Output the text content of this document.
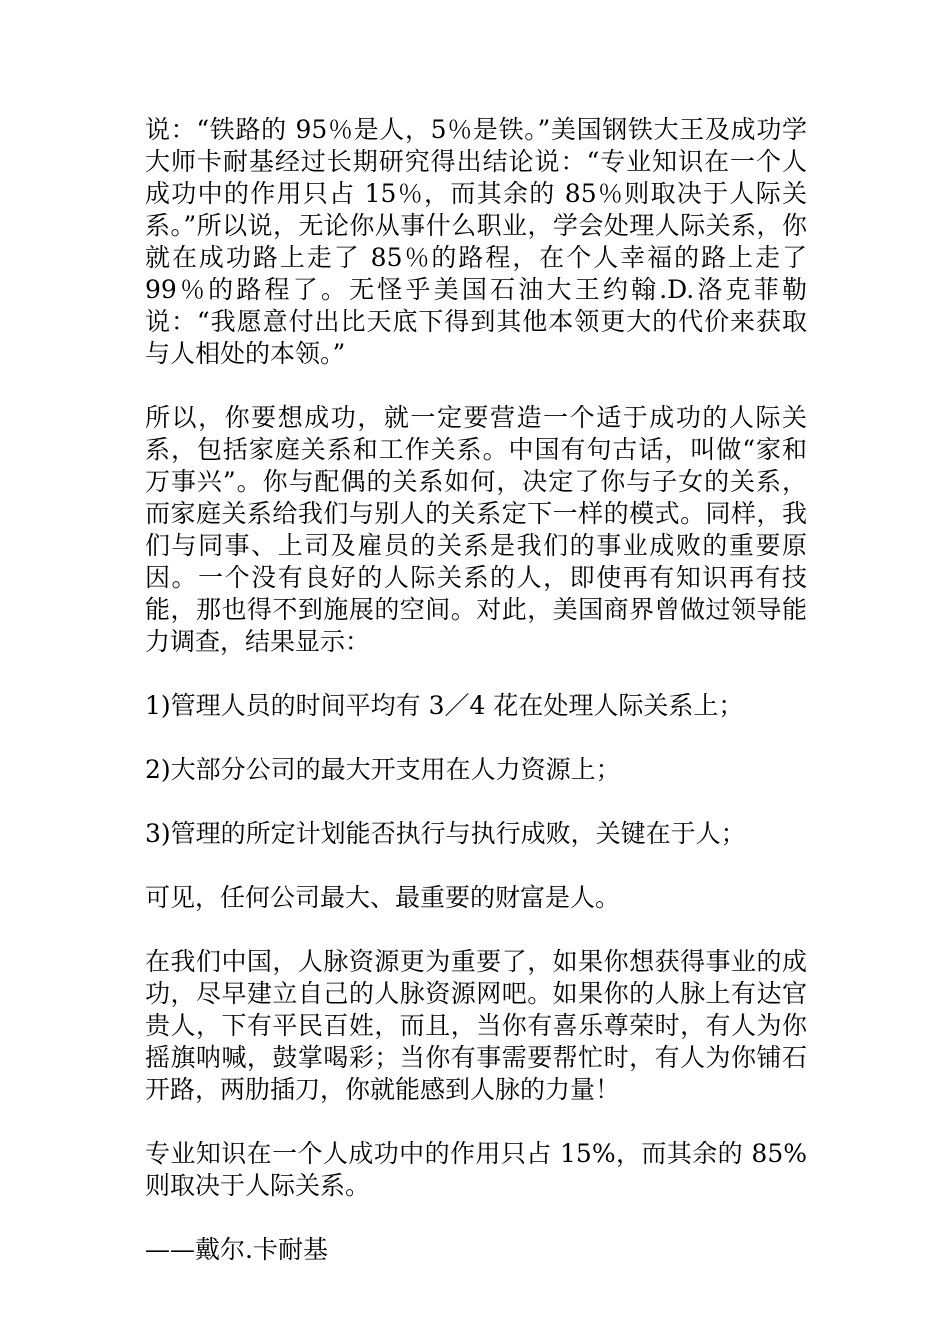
说：“铁路的 95％是人，5％是铁。”美国钢铁大王及成功学大师卡耐基经过长期研究得出结论说：“专业知识在一个人成功中的作用只占 15％，而其余的 85％则取决于人际关系。”所以说，无论你从事什么职业，学会处理人际关系，你就在成功路上走了 85％的路程，在个人幸福的路上走了 99％的路程了。无怪乎美国石油大王约翰.D.洛克菲勒说：“我愿意付出比天底下得到其他本领更大的代价来获取与人相处的本领。”

所以，你要想成功，就一定要营造一个适于成功的人际关系，包括家庭关系和工作关系。中国有句古话，叫做“家和万事兴”。你与配偶的关系如何，决定了你与子女的关系，而家庭关系给我们与别人的关系定下一样的模式。同样，我们与同事、上司及雇员的关系是我们的事业成败的重要原因。一个没有良好的人际关系的人，即使再有知识再有技能，那也得不到施展的空间。对此，美国商界曾做过领导能力调查，结果显示：

1)管理人员的时间平均有 3／4 花在处理人际关系上；

2)大部分公司的最大开支用在人力资源上；

3)管理的所定计划能否执行与执行成败，关键在于人；

可见，任何公司最大、最重要的财富是人。

在我们中国，人脉资源更为重要了，如果你想获得事业的成功，尽早建立自己的人脉资源网吧。如果你的人脉上有达官贵人，下有平民百姓，而且，当你有喜乐尊荣时，有人为你摇旗呐喊，鼓掌喝彩；当你有事需要帮忙时，有人为你铺石开路，两肋插刀，你就能感到人脉的力量！

专业知识在一个人成功中的作用只占 15%，而其余的 85%则取决于人际关系。

——戴尔.卡耐基
